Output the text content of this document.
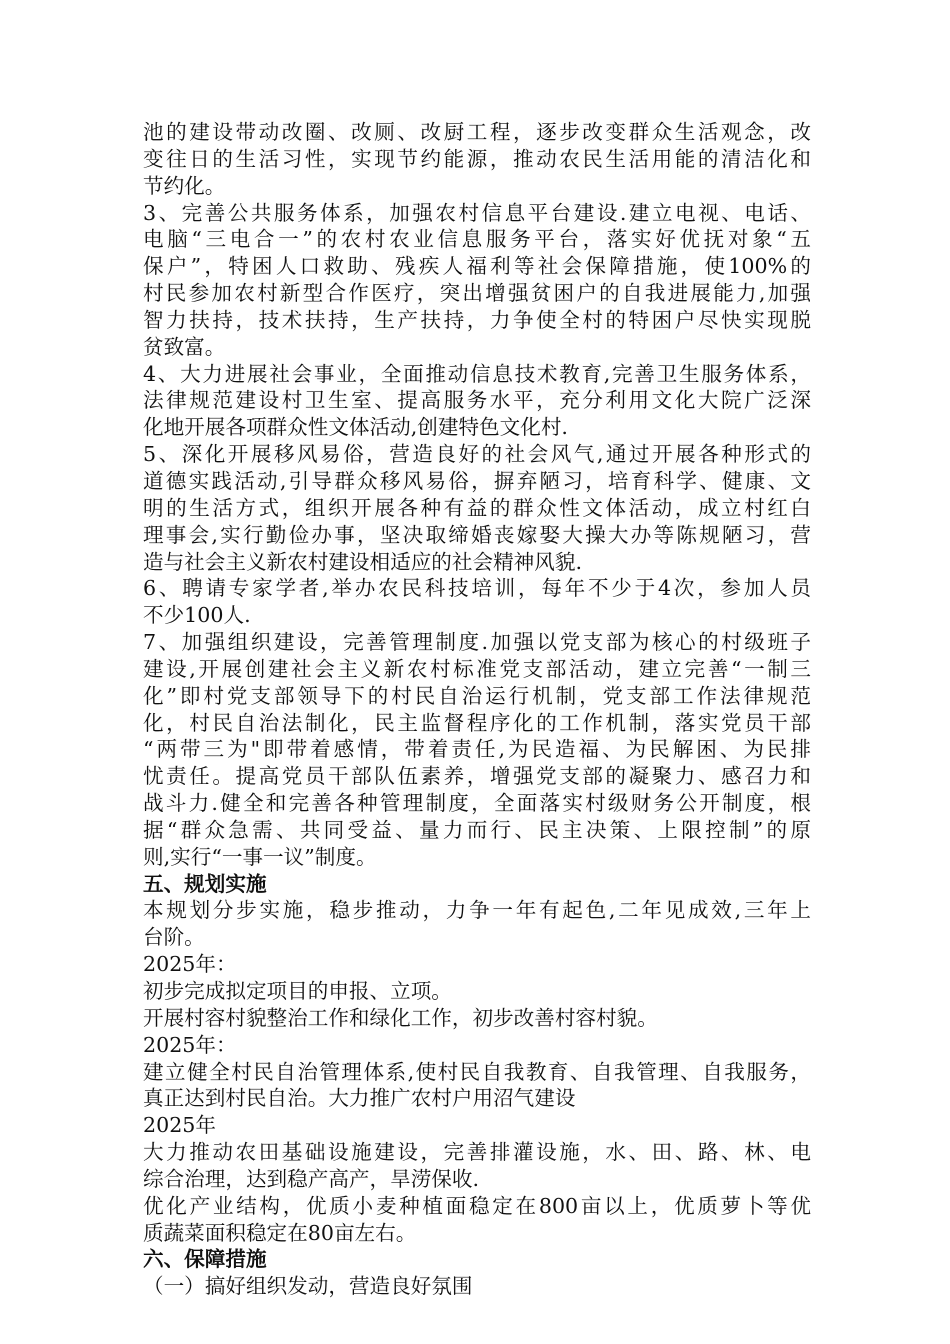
池的建设带动改圈、改厕、改厨工程，逐步改变群众生活观念，改
变往日的生活习性，实现节约能源，推动农民生活用能的清洁化和
节约化。
3、完善公共服务体系，加强农村信息平台建设.建立电视、电话、
电脑“三电合一”的农村农业信息服务平台，落实好优抚对象“五
保户”，特困人口救助、残疾人福利等社会保障措施，使100%的
村民参加农村新型合作医疗，突出增强贫困户的自我进展能力,加强
智力扶持，技术扶持，生产扶持，力争使全村的特困户尽快实现脱
贫致富。
4、大力进展社会事业，全面推动信息技术教育,完善卫生服务体系，
法律规范建设村卫生室、提高服务水平，充分利用文化大院广泛深
化地开展各项群众性文体活动,创建特色文化村.
5、深化开展移风易俗，营造良好的社会风气,通过开展各种形式的
道德实践活动,引导群众移风易俗，摒弃陋习，培育科学、健康、文
明的生活方式，组织开展各种有益的群众性文体活动，成立村红白
理事会,实行勤俭办事，坚决取缔婚丧嫁娶大操大办等陈规陋习，营
造与社会主义新农村建设相适应的社会精神风貌.
6、聘请专家学者,举办农民科技培训，每年不少于4次，参加人员
不少100人.
7、加强组织建设，完善管理制度.加强以党支部为核心的村级班子
建设,开展创建社会主义新农村标准党支部活动，建立完善“一制三
化”即村党支部领导下的村民自治运行机制，党支部工作法律规范
化，村民自治法制化，民主监督程序化的工作机制，落实党员干部
“两带三为"即带着感情，带着责任,为民造福、为民解困、为民排
忧责任。提高党员干部队伍素养，增强党支部的凝聚力、感召力和
战斗力.健全和完善各种管理制度，全面落实村级财务公开制度，根
据“群众急需、共同受益、量力而行、民主决策、上限控制”的原
则,实行“一事一议”制度。
五、规划实施
本规划分步实施，稳步推动，力争一年有起色,二年见成效,三年上
台阶。
2025年：
初步完成拟定项目的申报、立项。
开展村容村貌整治工作和绿化工作，初步改善村容村貌。
2025年：
建立健全村民自治管理体系,使村民自我教育、自我管理、自我服务，
真正达到村民自治。大力推广农村户用沼气建设
2025年
大力推动农田基础设施建设，完善排灌设施，水、田、路、林、电
综合治理，达到稳产高产，旱涝保收.
优化产业结构，优质小麦种植面稳定在800亩以上，优质萝卜等优
质蔬菜面积稳定在80亩左右。
六、保障措施
（一）搞好组织发动，营造良好氛围
